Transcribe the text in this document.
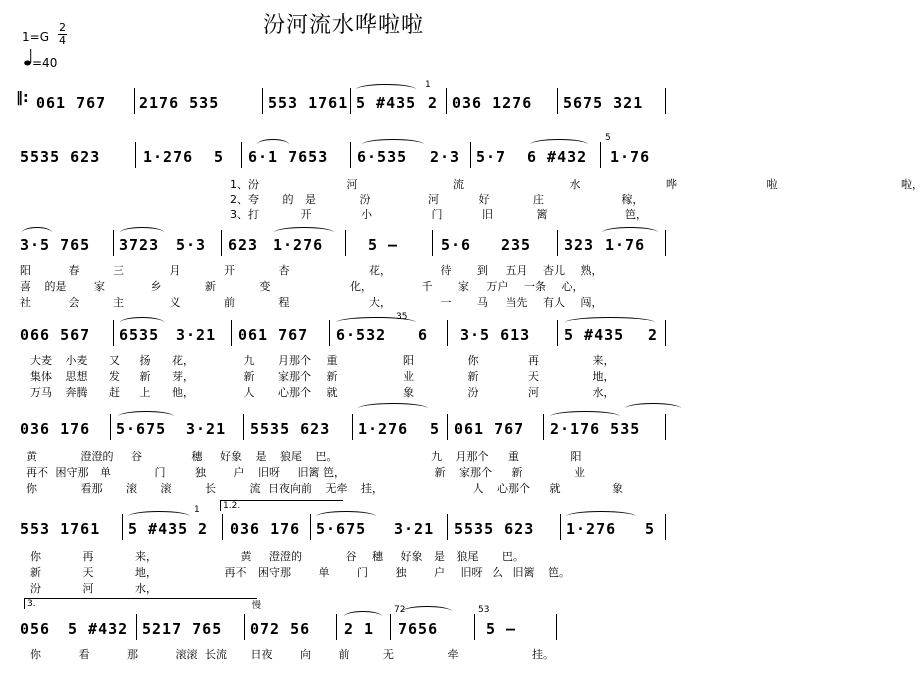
汾河流水哗啦啦
1=G
2
4
=40
‖: 061 767 2176 535	553 1761 5 #435
1
2 036 1276 5675 321
5535 623	1·276 5 6·1 7653 6·535 2·3 5·7 6 #432 1·76
5
1、汾	河	流	水	哗	啦	啦，
2、夸 的 是	汾	河	好	庄	稼，
3、打	开	小	门	旧	篱	笆，
3·5 765 3723 5·3 623 1·276	5 —	5·6 235 323 1·76
阳	春	三	月	开	杏	花，	待 到 五月 杏儿 熟，
喜 的是	家	乡	新	变	化，	千 家 万户 一条 心，
社	会	主	义	前	程	大，	一 马 当先 有人 闯，
066 567 6535 3·21 061 767 6·532
35
6 3·5 613 5 #435 2
大麦 小麦 又 扬 花，	九 月那个 重	阳	你	再	来，
集体 思想 发 新 芽，	新 家那个 新	业	新	天	地，
万马 奔腾 赶 上 他，	人 心那个 就	象	汾	河	水，
036 176 5·675 3·21 5535 623 1·276 5 061 767 2·176 535
黄	澄澄的 谷	穗 好象 是 狼尾 巴。	九 月那个 重	阳
再不 困守那 单	门	独	户 旧呀 旧篱 笆，	新 家那个 新	业
你	看那 滚 滚	长	流 日夜向前 无牵 挂，	人 心那个 就	象
553 1761 5 #435
1
2
1.2.
036 176 5·675 3·21 5535 623 1·276 5
你	再	来，	黄 澄澄的	谷 穗 好象 是 狼尾 巴。
新	天	地，	再不 困守那	单	门	独	户 旧呀 么 旧篱 笆。
汾	河	水，
3.	慢
056 5 #432 5217 765 072 56 2 1
72
7656
53
5 —
你	看	那	滚滚 长流 日夜	向	前	无	牵	挂。
